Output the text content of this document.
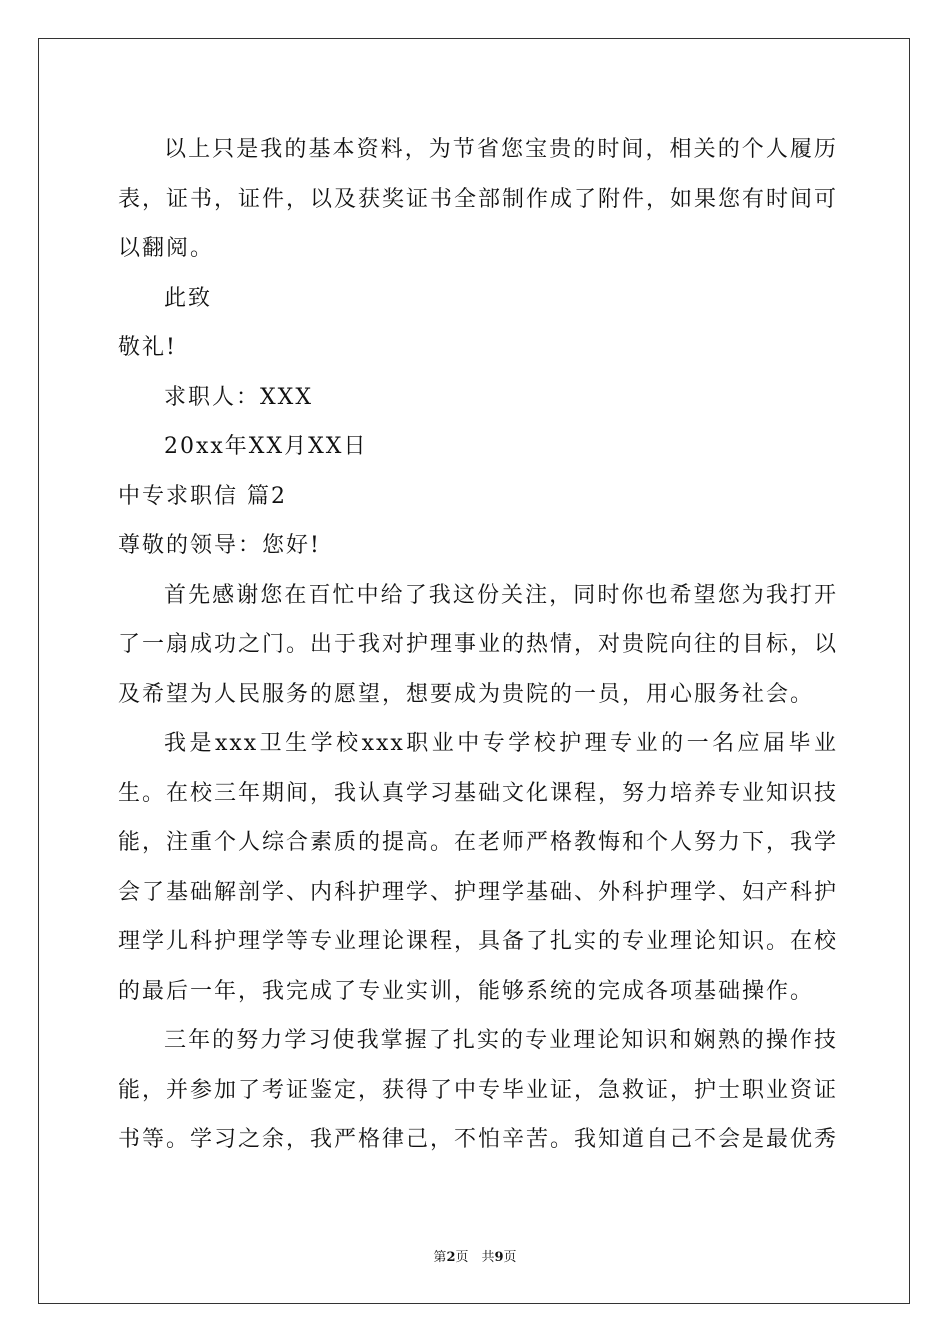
以上只是我的基本资料，为节省您宝贵的时间，相关的个人履历表，证书，证件，以及获奖证书全部制作成了附件，如果您有时间可以翻阅。

此致

敬礼!

求职人：XXX

20xx年XX月XX日

中专求职信 篇2

尊敬的领导：您好!

首先感谢您在百忙中给了我这份关注，同时你也希望您为我打开了一扇成功之门。出于我对护理事业的热情，对贵院向往的目标，以及希望为人民服务的愿望，想要成为贵院的一员，用心服务社会。

我是xxx卫生学校xxx职业中专学校护理专业的一名应届毕业生。在校三年期间，我认真学习基础文化课程，努力培养专业知识技能，注重个人综合素质的提高。在老师严格教悔和个人努力下，我学会了基础解剖学、内科护理学、护理学基础、外科护理学、妇产科护理学儿科护理学等专业理论课程，具备了扎实的专业理论知识。在校的最后一年，我完成了专业实训，能够系统的完成各项基础操作。

三年的努力学习使我掌握了扎实的专业理论知识和娴熟的操作技能，并参加了考证鉴定，获得了中专毕业证，急救证，护士职业资证书等。学习之余，我严格律己，不怕辛苦。我知道自己不会是最优秀

第2页　共9页
